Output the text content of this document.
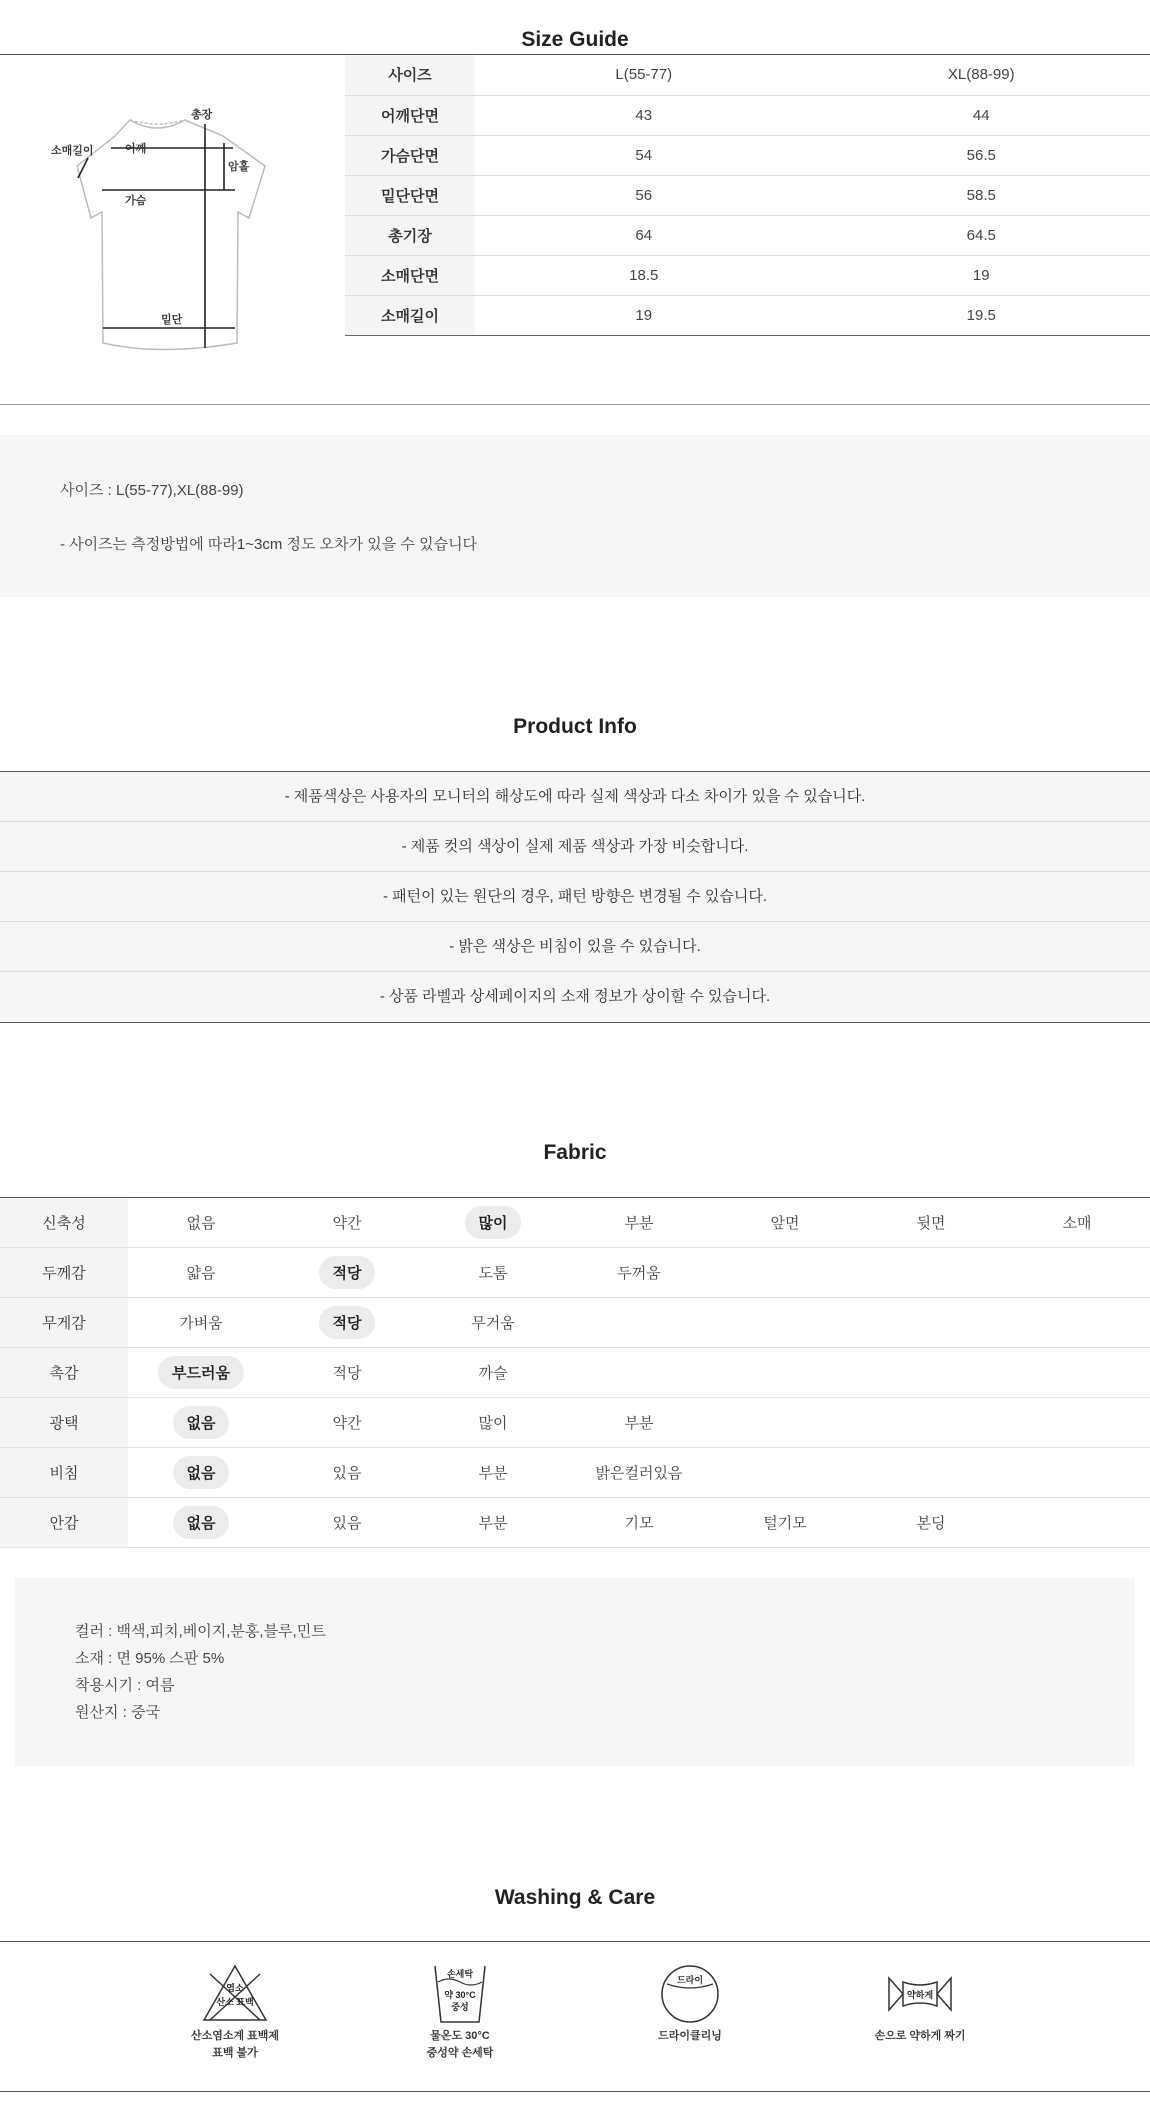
Size Guide
총장
소매길이	어깨
암홀
가슴
밑단
사이즈	L(55-77)	XL(88-99)
어깨단면	43	44
가슴단면	54	56.5
밑단단면	56	58.5
총기장	64	64.5
소매단면	18.5	19
소매길이	19	19.5

사이즈 : L(55-77),XL(88-99)

- 사이즈는 측정방법에 따라1~3cm 정도 오차가 있을 수 있습니다

Product Info
- 제품색상은 사용자의 모니터의 해상도에 따라 실제 색상과 다소 차이가 있을 수 있습니다.
- 제품 컷의 색상이 실제 제품 색상과 가장 비슷합니다.
- 패턴이 있는 원단의 경우, 패턴 방향은 변경될 수 있습니다.
- 밝은 색상은 비침이 있을 수 있습니다.
- 상품 라벨과 상세페이지의 소재 정보가 상이할 수 있습니다.
Fabric
신축성	없음	약간	많이	부분	앞면	뒷면	소매
두께감	얇음	적당	도톰	두꺼움			
무게감	가벼움	적당	무거움				
촉감	부드러움	적당	까슬				
광택	없음	약간	많이	부분			
비침	없음	있음	부분	밝은컬러있음			
안감	없음	있음	부분	기모	털기모	본딩	

컬러 : 백색,피치,베이지,분홍,블루,민트

소재 : 면 95% 스판 5%

착용시기 : 여름

원산지 : 중국

Washing & Care
염소
산소 표백
산소염소계 표백제
표백 불가
손세탁
약 30°C
중성
물온도 30°C
중성약 손세탁
드라이
드라이클리닝
약하게
손으로 약하게 짜기
